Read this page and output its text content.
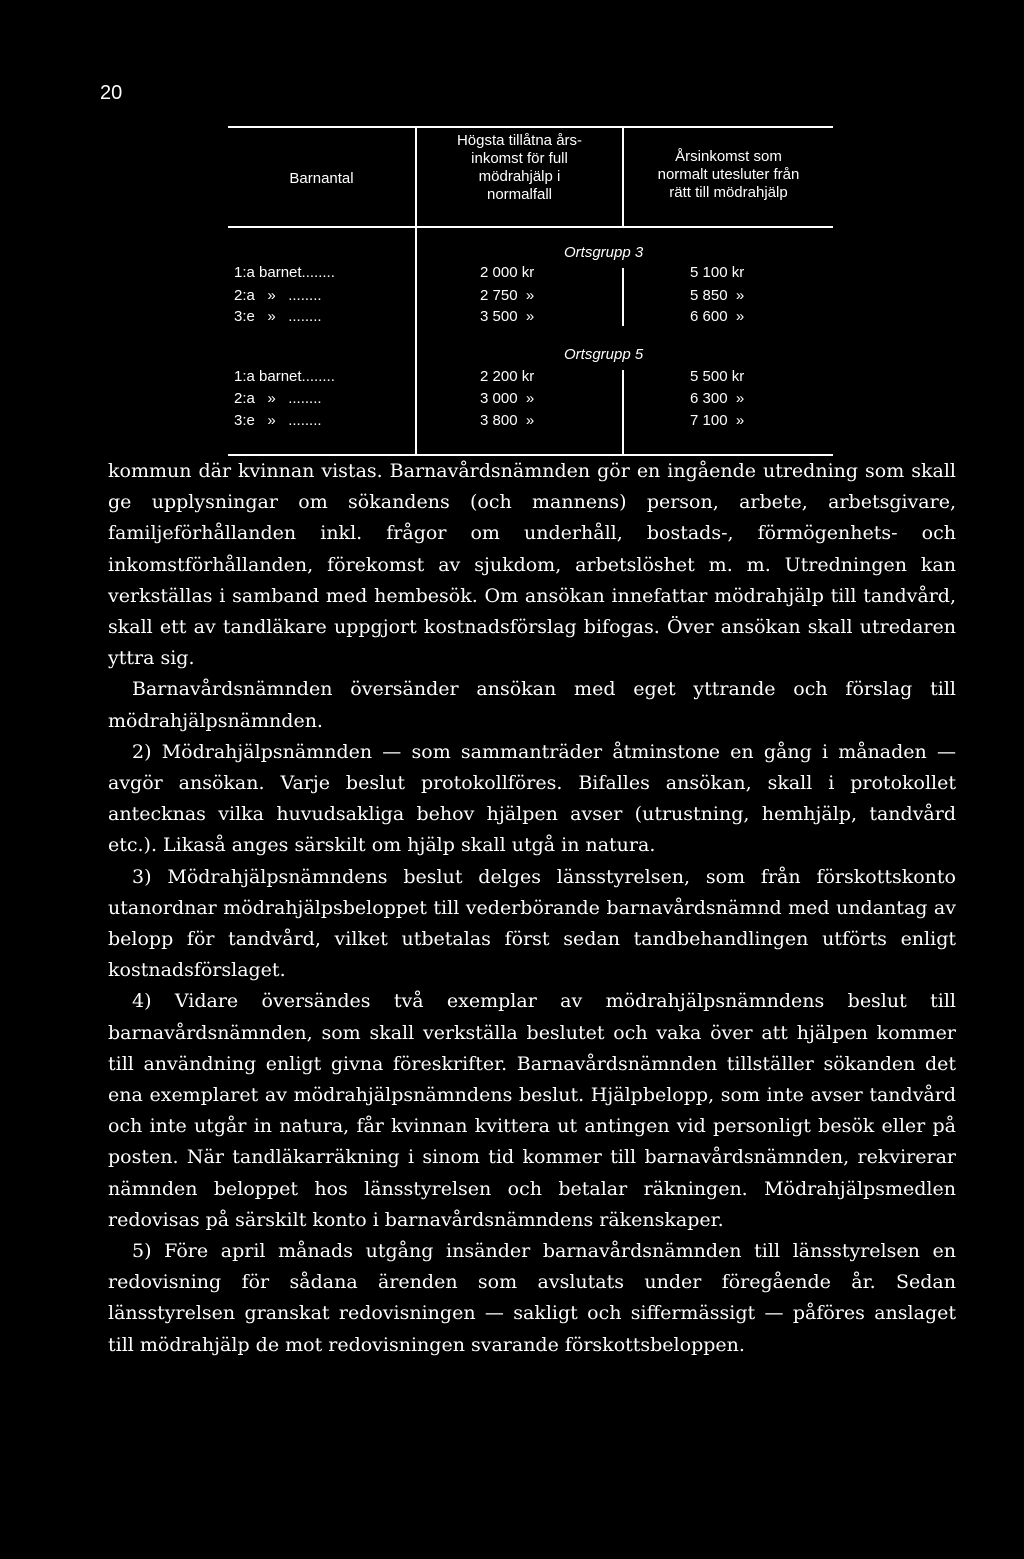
20
Barnantal
Högsta tillåtna års-
inkomst för full
mödrahjälp i
normalfall
Årsinkomst som
normalt utesluter från
rätt till mödrahjälp
Ortsgrupp 3
1:a barnet........	2 000 kr	5 100 kr
2:a   »   ........	2 750  »	5 850  »
3:e   »   ........	3 500  »	6 600  »
Ortsgrupp 5
1:a barnet........	2 200 kr	5 500 kr
2:a   »   ........	3 000  »	6 300  »
3:e   »   ........	3 800  »	7 100  »

kommun där kvinnan vistas. Barnavårdsnämnden gör en ingående utredning som skall ge upplysningar om sökandens (och mannens) person, arbete, arbetsgivare, familjeförhållanden inkl. frågor om underhåll, bostads-, förmögenhets- och inkomstförhållanden, förekomst av sjukdom, arbetslöshet m. m. Utredningen kan verkställas i samband med hembesök. Om ansökan innefattar mödrahjälp till tandvård, skall ett av tandläkare uppgjort kostnadsförslag bifogas. Över ansökan skall utredaren yttra sig.

Barnavårdsnämnden översänder ansökan med eget yttrande och förslag till mödrahjälpsnämnden.

2) Mödrahjälpsnämnden — som sammanträder åtminstone en gång i månaden — avgör ansökan. Varje beslut protokollföres. Bifalles ansökan, skall i protokollet antecknas vilka huvudsakliga behov hjälpen avser (utrustning, hemhjälp, tandvård etc.). Likaså anges särskilt om hjälp skall utgå in natura.

3) Mödrahjälpsnämndens beslut delges länsstyrelsen, som från förskottskonto utanordnar mödrahjälpsbeloppet till vederbörande barnavårdsnämnd med undantag av belopp för tandvård, vilket utbetalas först sedan tandbehandlingen utförts enligt kostnadsförslaget.

4) Vidare översändes två exemplar av mödrahjälpsnämndens beslut till barnavårdsnämnden, som skall verkställa beslutet och vaka över att hjälpen kommer till användning enligt givna föreskrifter. Barnavårdsnämnden tillställer sökanden det ena exemplaret av mödrahjälpsnämndens beslut. Hjälpbelopp, som inte avser tandvård och inte utgår in natura, får kvinnan kvittera ut antingen vid personligt besök eller på posten. När tandläkarräkning i sinom tid kommer till barnavårdsnämnden, rekvirerar nämnden beloppet hos länsstyrelsen och betalar räkningen. Mödrahjälpsmedlen redovisas på särskilt konto i barnavårdsnämndens räkenskaper.

5) Före april månads utgång insänder barnavårdsnämnden till länsstyrelsen en redovisning för sådana ärenden som avslutats under föregående år. Sedan länsstyrelsen granskat redovisningen — sakligt och siffermässigt — påföres anslaget till mödrahjälp de mot redovisningen svarande förskottsbeloppen.
